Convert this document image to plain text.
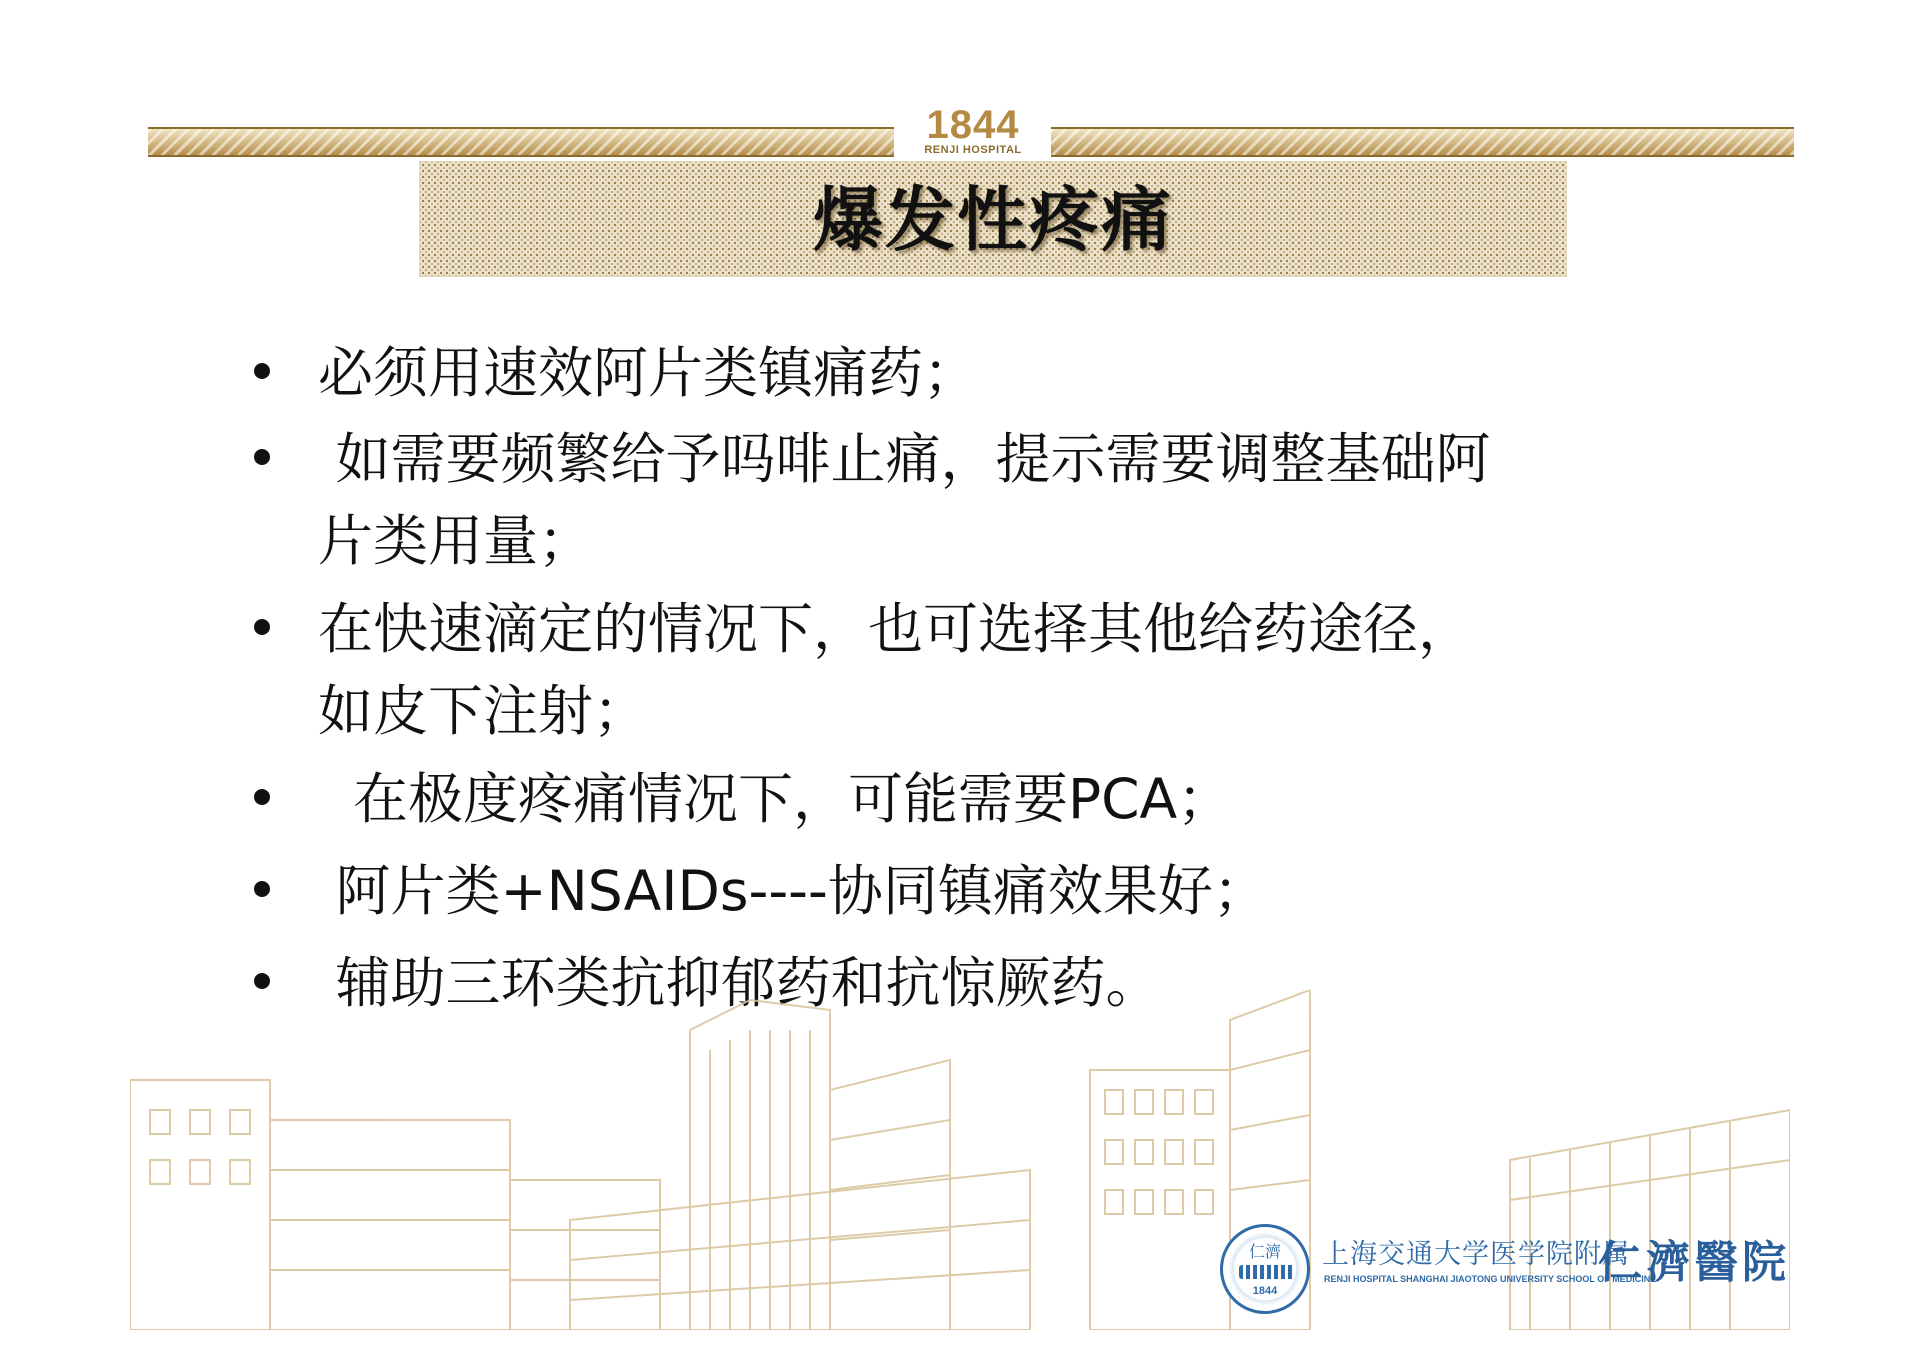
1844
RENJI HOSPITAL
爆发性疼痛
必须用速效阿片类镇痛药；
如需要频繁给予吗啡止痛，提示需要调整基础阿
片类用量；
在快速滴定的情况下，也可选择其他给药途径，
如皮下注射；
在极度疼痛情况下，可能需要PCA；
阿片类+NSAIDs----协同镇痛效果好；
辅助三环类抗抑郁药和抗惊厥药。
仁濟
1844
上海交通大学医学院附属
RENJI HOSPITAL SHANGHAI JIAOTONG UNIVERSITY SCHOOL OF MEDICINE
仁濟醫院
